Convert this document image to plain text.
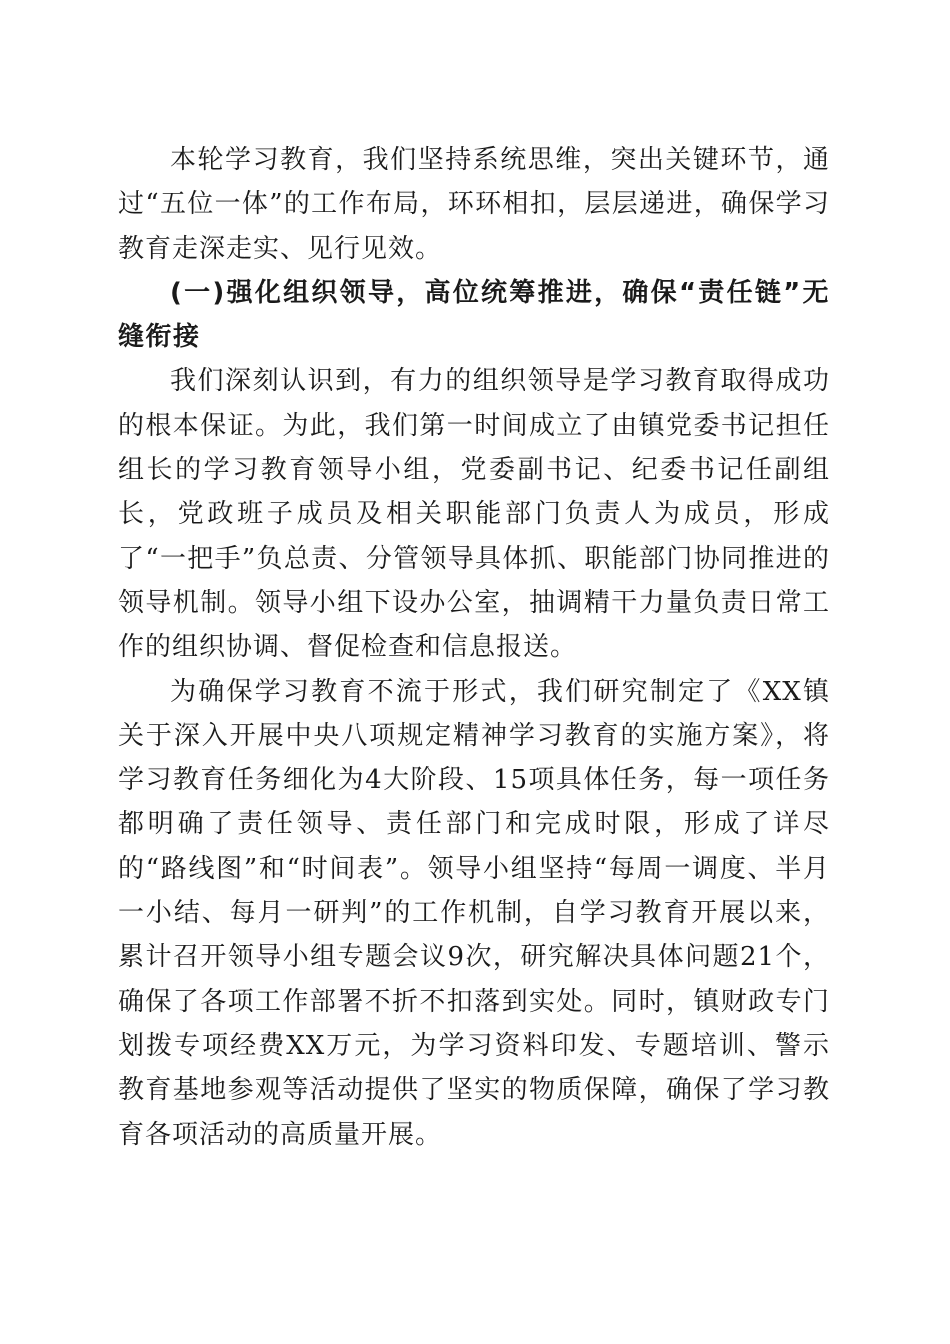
本轮学习教育，我们坚持系统思维，突出关键环节，通过“五位一体”的工作布局，环环相扣，层层递进，确保学习教育走深走实、见行见效。

(一)强化组织领导，高位统筹推进，确保“责任链”无缝衔接

我们深刻认识到，有力的组织领导是学习教育取得成功的根本保证。为此，我们第一时间成立了由镇党委书记担任组长的学习教育领导小组，党委副书记、纪委书记任副组长，党政班子成员及相关职能部门负责人为成员，形成了“一把手”负总责、分管领导具体抓、职能部门协同推进的领导机制。领导小组下设办公室，抽调精干力量负责日常工作的组织协调、督促检查和信息报送。

为确保学习教育不流于形式，我们研究制定了《XX镇关于深入开展中央八项规定精神学习教育的实施方案》，将学习教育任务细化为4大阶段、15项具体任务，每一项任务都明确了责任领导、责任部门和完成时限，形成了详尽的“路线图”和“时间表”。领导小组坚持“每周一调度、半月一小结、每月一研判”的工作机制，自学习教育开展以来，累计召开领导小组专题会议9次，研究解决具体问题21个，确保了各项工作部署不折不扣落到实处。同时，镇财政专门划拨专项经费XX万元，为学习资料印发、专题培训、警示教育基地参观等活动提供了坚实的物质保障，确保了学习教育各项活动的高质量开展。
